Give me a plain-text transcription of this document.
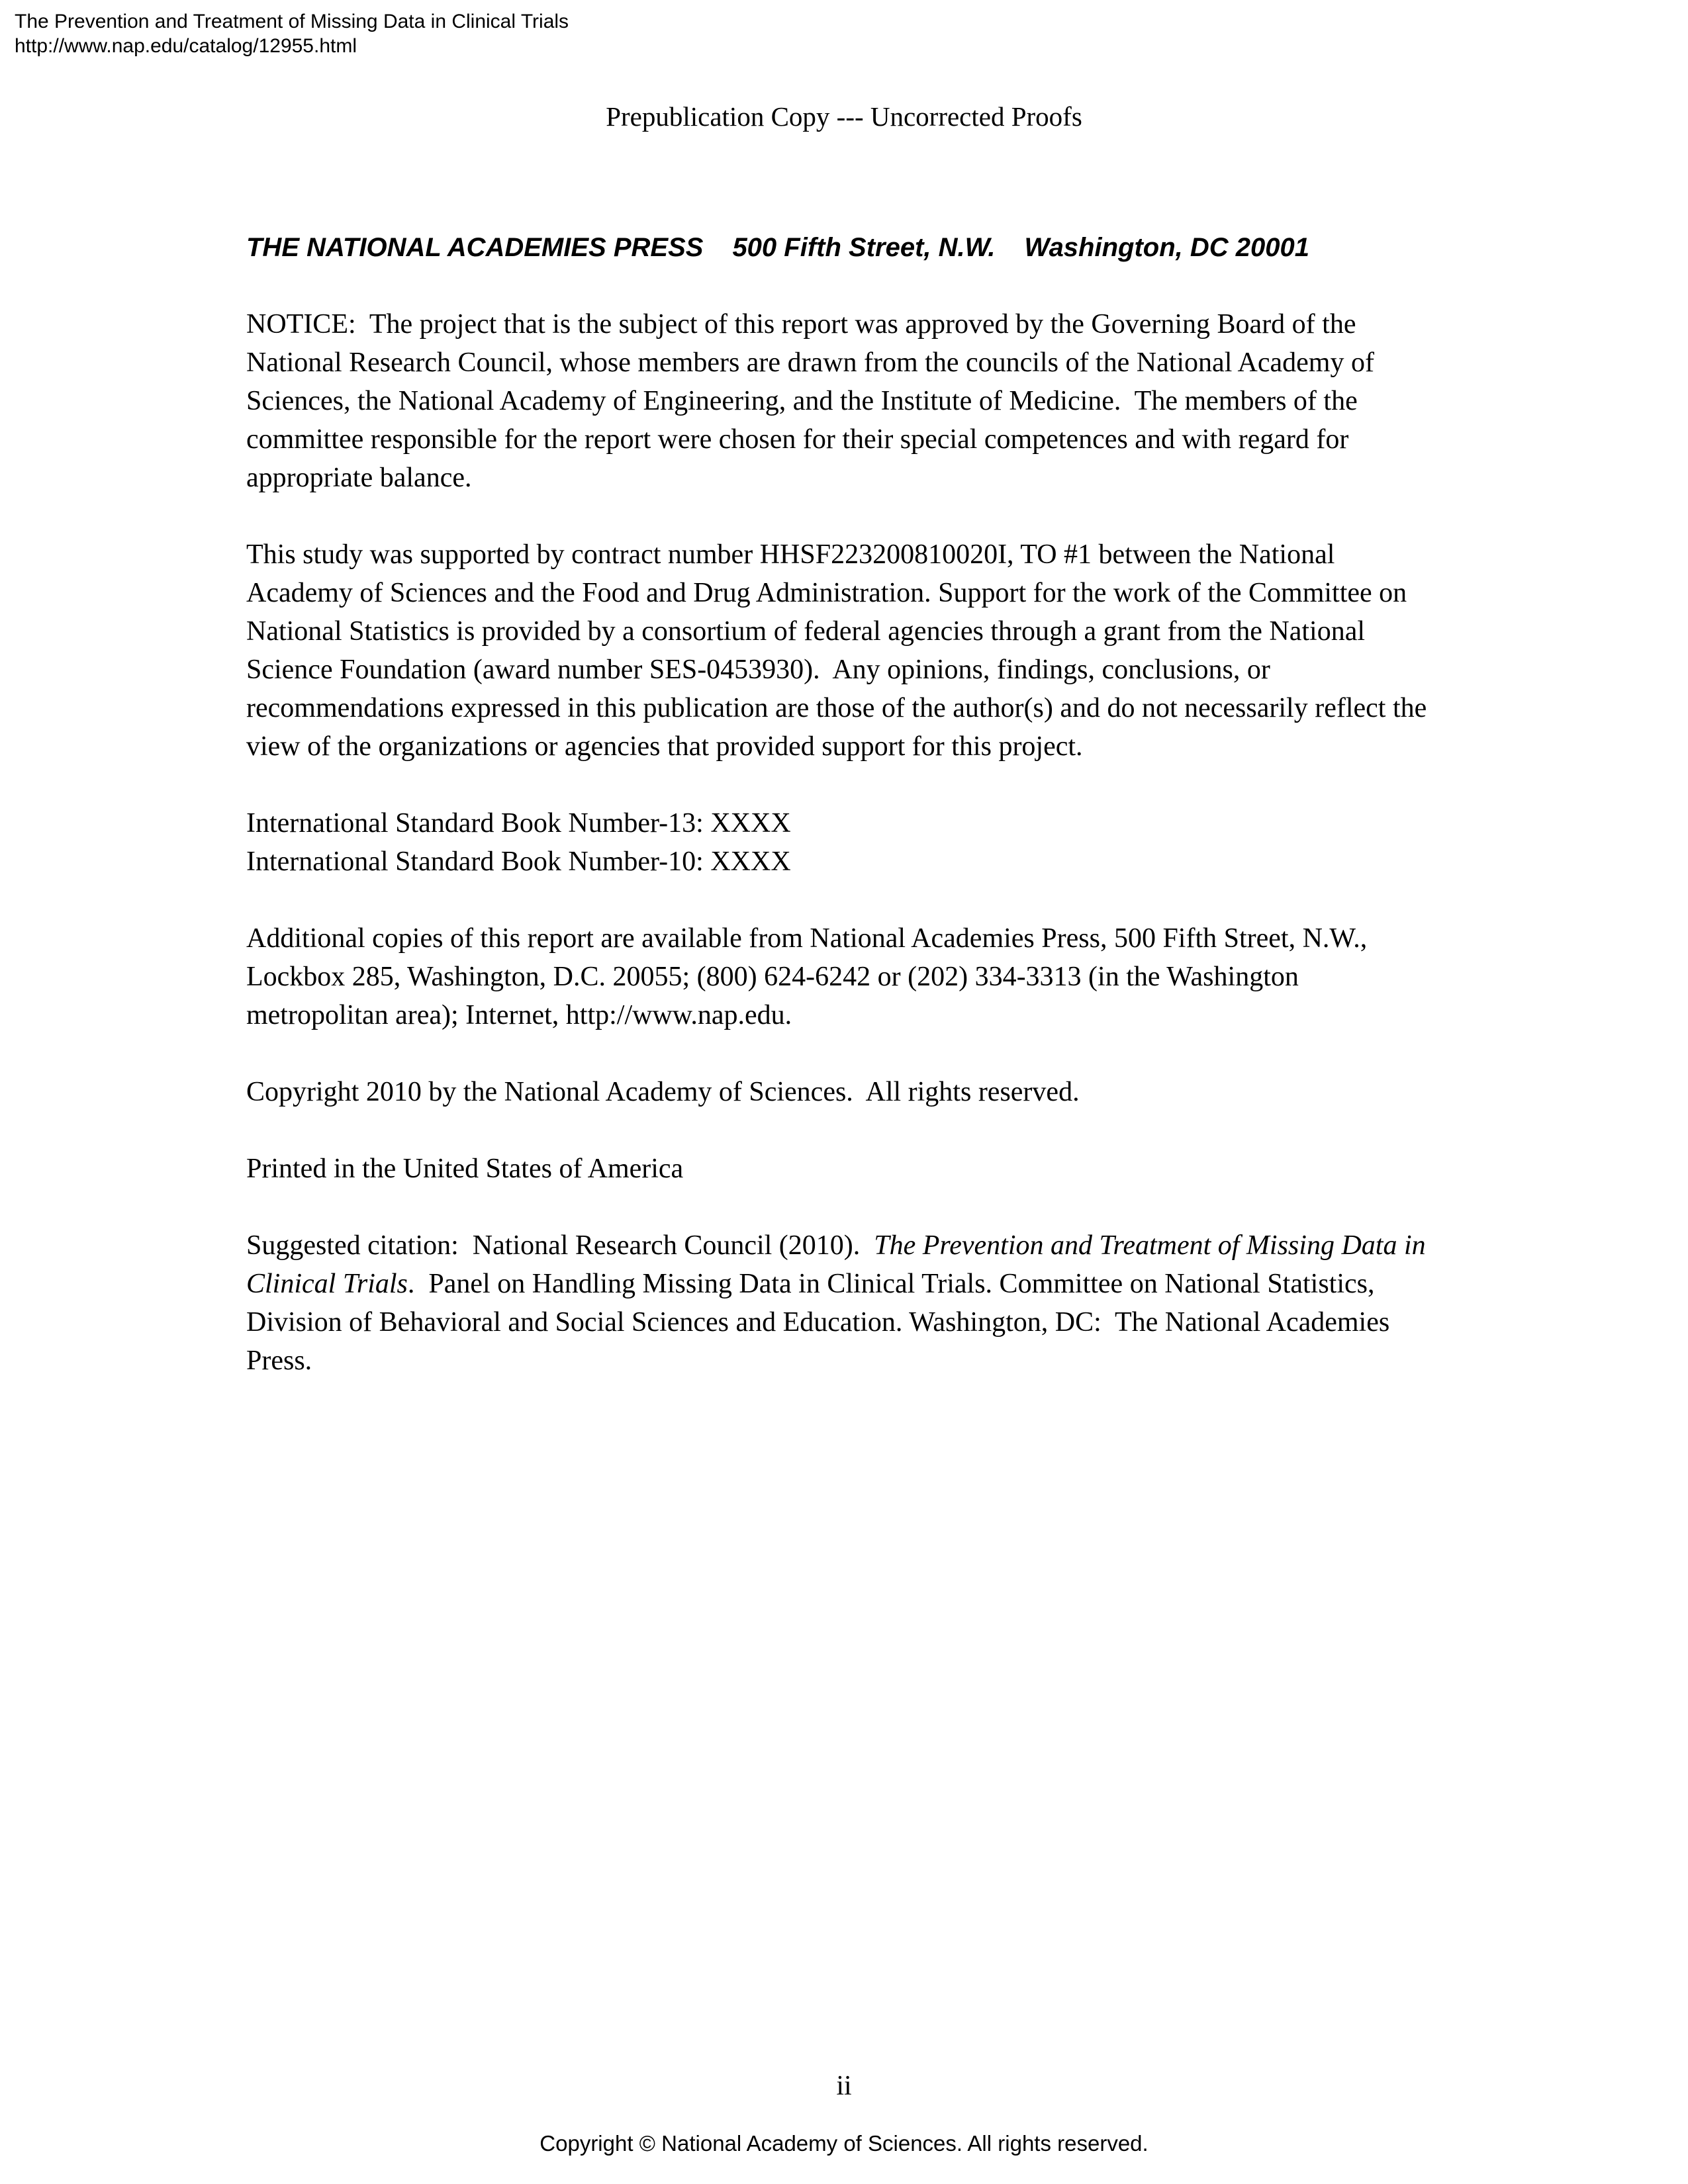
The Prevention and Treatment of Missing Data in Clinical Trials
http://www.nap.edu/catalog/12955.html
Prepublication Copy --- Uncorrected Proofs

THE NATIONAL ACADEMIES PRESS 500 Fifth Street, N.W. Washington, DC 20001

NOTICE:  The project that is the subject of this report was approved by the Governing Board of the National Research Council, whose members are drawn from the councils of the National Academy of Sciences, the National Academy of Engineering, and the Institute of Medicine.  The members of the committee responsible for the report were chosen for their special competences and with regard for appropriate balance.

This study was supported by contract number HHSF223200810020I, TO #1 between the National Academy of Sciences and the Food and Drug Administration. Support for the work of the Committee on National Statistics is provided by a consortium of federal agencies through a grant from the National Science Foundation (award number SES-0453930).  Any opinions, findings, conclusions, or recommendations expressed in this publication are those of the author(s) and do not necessarily reflect the view of the organizations or agencies that provided support for this project.

International Standard Book Number-13: XXXX
International Standard Book Number-10: XXXX

Additional copies of this report are available from National Academies Press, 500 Fifth Street, N.W., Lockbox 285, Washington, D.C. 20055; (800) 624-6242 or (202) 334-3313 (in the Washington metropolitan area); Internet, http://www.nap.edu.

Copyright 2010 by the National Academy of Sciences.  All rights reserved.

Printed in the United States of America

Suggested citation:  National Research Council (2010).  The Prevention and Treatment of Missing Data in Clinical Trials.  Panel on Handling Missing Data in Clinical Trials. Committee on National Statistics, Division of Behavioral and Social Sciences and Education. Washington, DC:  The National Academies Press.

ii
Copyright © National Academy of Sciences. All rights reserved.
